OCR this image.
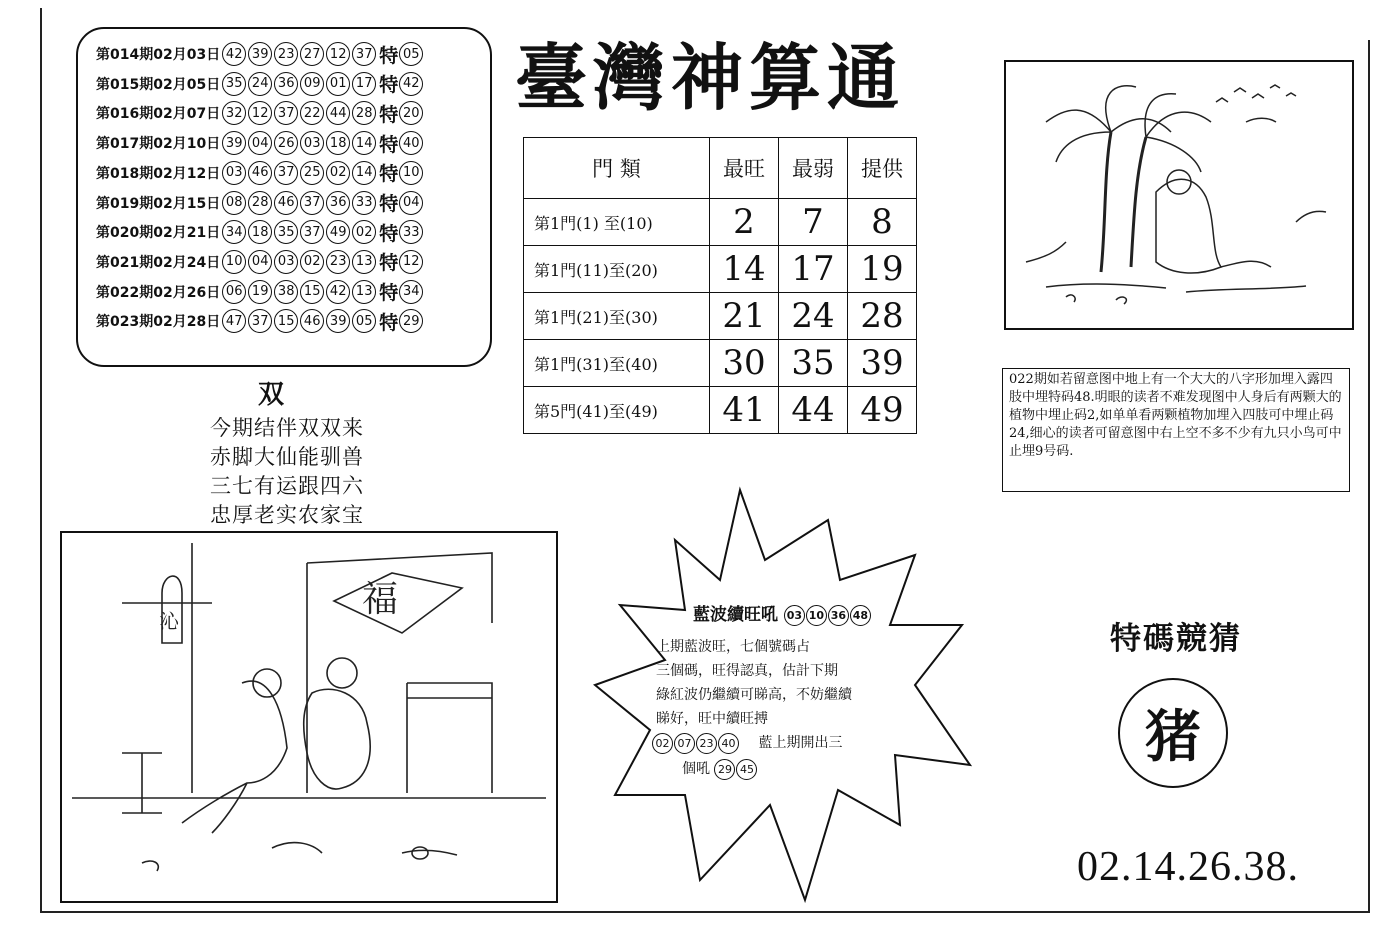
第014期02月03日 42 39 23 27 12 37 特 05
第015期02月05日 35 24 36 09 01 17 特 42
第016期02月07日 32 12 37 22 44 28 特 20
第017期02月10日 39 04 26 03 18 14 特 40
第018期02月12日 03 46 37 25 02 14 特 10
第019期02月15日 08 28 46 37 36 33 特 04
第020期02月21日 34 18 35 37 49 02 特 33
第021期02月24日 10 04 03 02 23 13 特 12
第022期02月26日 06 19 38 15 42 13 特 34
第023期02月28日 47 37 15 46 39 05 特 29
臺灣神算通
門 類	最旺	最弱	提供
第1門(1) 至(10)	2	7	8
第1門(11)至(20)	14	17	19
第1門(21)至(30)	21	24	28
第1門(31)至(40)	30	35	39
第5門(41)至(49)	41	44	49
双
今期结伴双双来
赤脚大仙能驯兽
三七有运跟四六
忠厚老实农家宝
022期如若留意图中地上有一个大大的八字形加埋入露四肢中埋特码48.明眼的读者不难发现图中人身后有两颗大的植物中埋止码2,如单单看两颗植物加埋入四肢可中埋止码24,细心的读者可留意图中右上空不多不少有九只小鸟可中止埋9号码.
福
沁	藍波續旺吼 03 10 36 48
上期藍波旺，七個號碼占
三個碼，旺得認真，估計下期
綠紅波仍繼續可睇高，不妨繼續
睇好，旺中續旺搏
02 07 23 40 藍上期開出三
個吼 29 45
特碼競猜
猪
02.14.26.38.
